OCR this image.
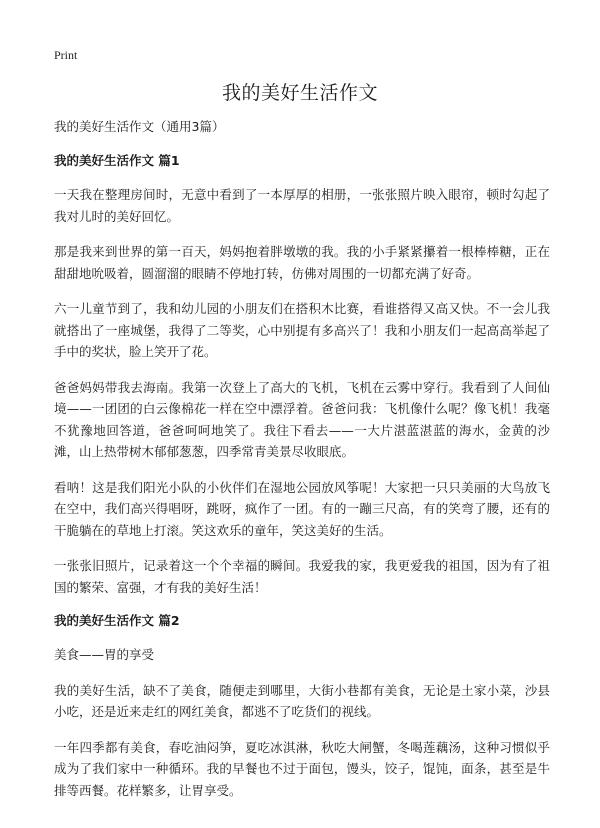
Print
我的美好生活作文

我的美好生活作文（通用3篇）

我的美好生活作文 篇1

一天我在整理房间时，无意中看到了一本厚厚的相册，一张张照片映入眼帘，顿时勾起了我对儿时的美好回忆。

那是我来到世界的第一百天，妈妈抱着胖墩墩的我。我的小手紧紧攥着一根棒棒糖，正在甜甜地吮吸着，圆溜溜的眼睛不停地打转，仿佛对周围的一切都充满了好奇。

六一儿童节到了，我和幼儿园的小朋友们在搭积木比赛，看谁搭得又高又快。不一会儿我就搭出了一座城堡，我得了二等奖，心中别提有多高兴了！我和小朋友们一起高高举起了手中的奖状，脸上笑开了花。

爸爸妈妈带我去海南。我第一次登上了高大的飞机，飞机在云雾中穿行。我看到了人间仙境——一团团的白云像棉花一样在空中漂浮着。爸爸问我：飞机像什么呢？像飞机！我毫不犹豫地回答道，爸爸呵呵地笑了。我往下看去——一大片湛蓝湛蓝的海水，金黄的沙滩，山上热带树木郁郁葱葱，四季常青美景尽收眼底。

看呐！这是我们阳光小队的小伙伴们在湿地公园放风筝呢！大家把一只只美丽的大鸟放飞在空中，我们高兴得唱呀，跳呀，疯作了一团。有的一蹦三尺高，有的笑弯了腰，还有的干脆躺在的草地上打滚。笑这欢乐的童年，笑这美好的生活。

一张张旧照片，记录着这一个个幸福的瞬间。我爱我的家，我更爱我的祖国，因为有了祖国的繁荣、富强，才有我的美好生活！

我的美好生活作文 篇2

美食——胃的享受

我的美好生活，缺不了美食，随便走到哪里，大街小巷都有美食，无论是土家小菜，沙县小吃，还是近来走红的网红美食，都逃不了吃货们的视线。

一年四季都有美食，春吃油闷笋，夏吃冰淇淋，秋吃大闸蟹，冬喝莲藕汤，这种习惯似乎成为了我们家中一种循环。我的早餐也不过于面包，馒头，饺子，馄饨，面条，甚至是牛排等西餐。花样繁多，让胃享受。
